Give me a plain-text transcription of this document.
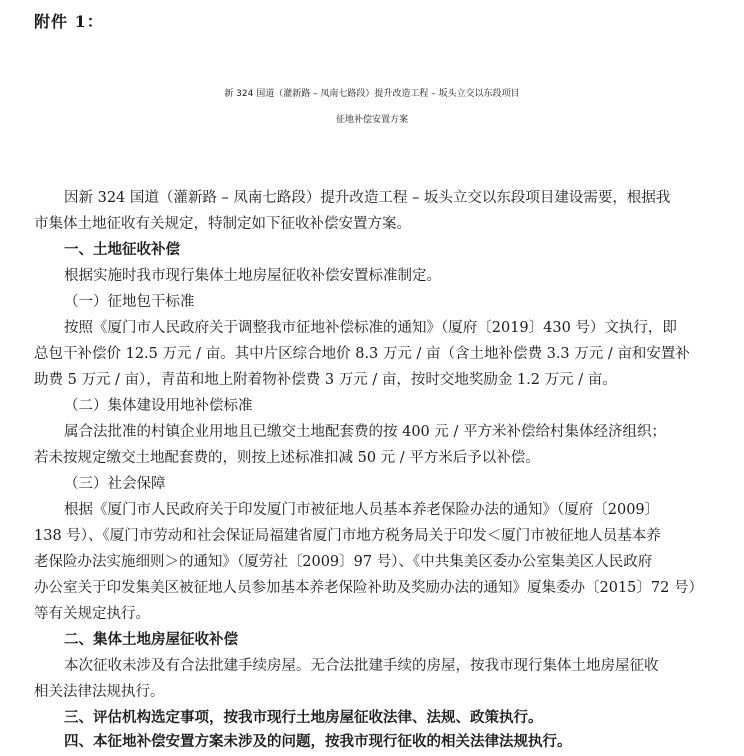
附件 1：
新 324 国道（灌新路 – 凤南七路段）提升改造工程 – 坂头立交以东段项目
征地补偿安置方案
因新 324 国道（灌新路 – 凤南七路段）提升改造工程 – 坂头立交以东段项目建设需要，根据我
市集体土地征收有关规定，特制定如下征收补偿安置方案。
一、土地征收补偿
根据实施时我市现行集体土地房屋征收补偿安置标准制定。
（一）征地包干标准
按照《厦门市人民政府关于调整我市征地补偿标准的通知》（厦府〔2019〕430 号）文执行，即
总包干补偿价 12.5 万元 / 亩。其中片区综合地价 8.3 万元 / 亩（含土地补偿费 3.3 万元 / 亩和安置补
助费 5 万元 / 亩），青苗和地上附着物补偿费 3 万元 / 亩，按时交地奖励金 1.2 万元 / 亩。
（二）集体建设用地补偿标准
属合法批准的村镇企业用地且已缴交土地配套费的按 400 元 / 平方米补偿给村集体经济组织；
若未按规定缴交土地配套费的，则按上述标准扣减 50 元 / 平方米后予以补偿。
（三）社会保障
根据《厦门市人民政府关于印发厦门市被征地人员基本养老保险办法的通知》（厦府〔2009〕
138 号）、《厦门市劳动和社会保证局福建省厦门市地方税务局关于印发＜厦门市被征地人员基本养
老保险办法实施细则＞的通知》（厦劳社〔2009〕97 号）、《中共集美区委办公室集美区人民政府
办公室关于印发集美区被征地人员参加基本养老保险补助及奖励办法的通知》厦集委办〔2015〕72 号）
等有关规定执行。
二、集体土地房屋征收补偿
本次征收未涉及有合法批建手续房屋。无合法批建手续的房屋，按我市现行集体土地房屋征收
相关法律法规执行。
三、评估机构选定事项，按我市现行土地房屋征收法律、法规、政策执行。
四、本征地补偿安置方案未涉及的问题，按我市现行征收的相关法律法规执行。
